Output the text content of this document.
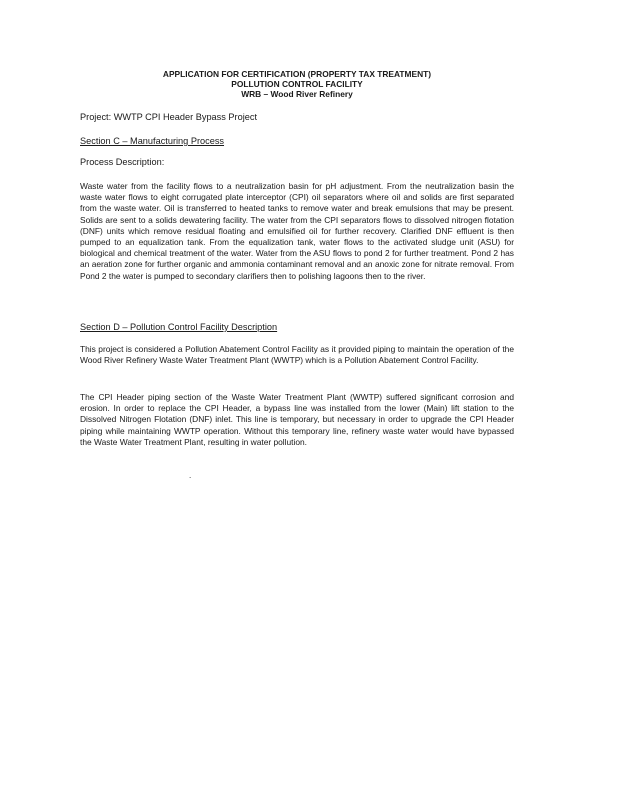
APPLICATION FOR CERTIFICATION (PROPERTY TAX TREATMENT)
POLLUTION CONTROL FACILITY
WRB – Wood River Refinery
Project: WWTP CPI Header Bypass Project
Section C – Manufacturing Process
Process Description:
Waste water from the facility flows to a neutralization basin for pH adjustment. From the neutralization basin the waste water flows to eight corrugated plate interceptor (CPI) oil separators where oil and solids are first separated from the waste water. Oil is transferred to heated tanks to remove water and break emulsions that may be present. Solids are sent to a solids dewatering facility. The water from the CPI separators flows to dissolved nitrogen flotation (DNF) units which remove residual floating and emulsified oil for further recovery. Clarified DNF effluent is then pumped to an equalization tank. From the equalization tank, water flows to the activated sludge unit (ASU) for biological and chemical treatment of the water. Water from the ASU flows to pond 2 for further treatment. Pond 2 has an aeration zone for further organic and ammonia contaminant removal and an anoxic zone for nitrate removal. From Pond 2 the water is pumped to secondary clarifiers then to polishing lagoons then to the river.
Section D – Pollution Control Facility Description
This project is considered a Pollution Abatement Control Facility as it provided piping to maintain the operation of the Wood River Refinery Waste Water Treatment Plant (WWTP) which is a Pollution Abatement Control Facility.
The CPI Header piping section of the Waste Water Treatment Plant (WWTP) suffered significant corrosion and erosion. In order to replace the CPI Header, a bypass line was installed from the lower (Main) lift station to the Dissolved Nitrogen Flotation (DNF) inlet. This line is temporary, but necessary in order to upgrade the CPI Header piping while maintaining WWTP operation. Without this temporary line, refinery waste water would have bypassed the Waste Water Treatment Plant, resulting in water pollution.
.
